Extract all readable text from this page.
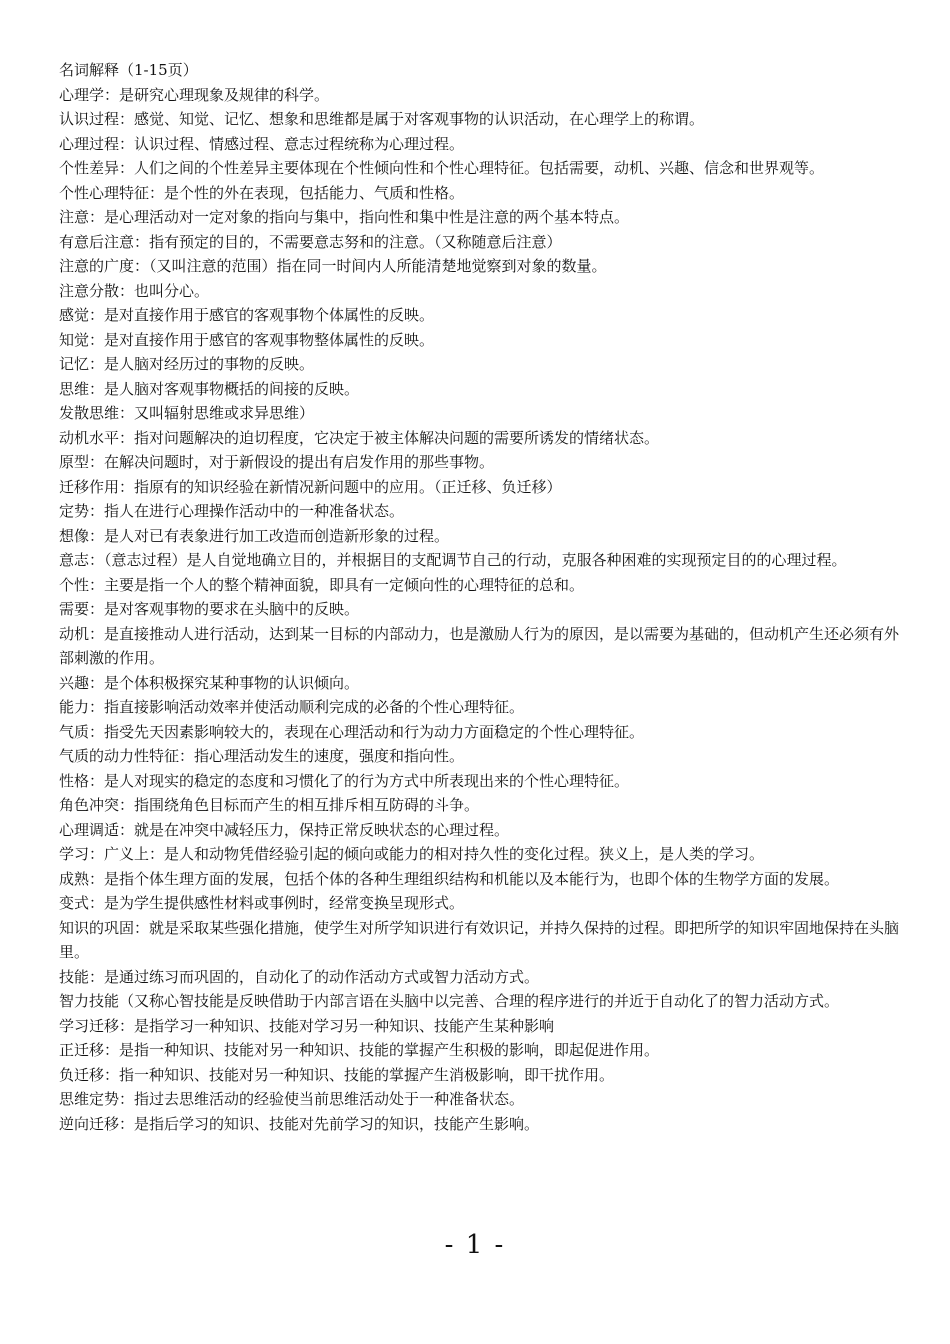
名词解释（1-15页）
心理学：是研究心理现象及规律的科学。
认识过程：感觉、知觉、记忆、想象和思维都是属于对客观事物的认识活动，在心理学上的称谓。
心理过程：认识过程、情感过程、意志过程统称为心理过程。
个性差异：人们之间的个性差异主要体现在个性倾向性和个性心理特征。包括需要，动机、兴趣、信念和世界观等。
个性心理特征：是个性的外在表现，包括能力、气质和性格。
注意：是心理活动对一定对象的指向与集中，指向性和集中性是注意的两个基本特点。
有意后注意：指有预定的目的，不需要意志努和的注意。（又称随意后注意）
注意的广度：（又叫注意的范围）指在同一时间内人所能清楚地觉察到对象的数量。
注意分散：也叫分心。
感觉：是对直接作用于感官的客观事物个体属性的反映。
知觉：是对直接作用于感官的客观事物整体属性的反映。
记忆：是人脑对经历过的事物的反映。
思维：是人脑对客观事物概括的间接的反映。
发散思维：又叫辐射思维或求异思维）
动机水平：指对问题解决的迫切程度，它决定于被主体解决问题的需要所诱发的情绪状态。
原型：在解决问题时，对于新假设的提出有启发作用的那些事物。
迁移作用：指原有的知识经验在新情况新问题中的应用。（正迁移、负迁移）
定势：指人在进行心理操作活动中的一种准备状态。
想像：是人对已有表象进行加工改造而创造新形象的过程。
意志：（意志过程）是人自觉地确立目的，并根据目的支配调节自己的行动，克服各种困难的实现预定目的的心理过程。
个性：主要是指一个人的整个精神面貌，即具有一定倾向性的心理特征的总和。
需要：是对客观事物的要求在头脑中的反映。
动机：是直接推动人进行活动，达到某一目标的内部动力，也是激励人行为的原因，是以需要为基础的，但动机产生还必须有外部刺激的作用。
兴趣：是个体积极探究某种事物的认识倾向。
能力：指直接影响活动效率并使活动顺利完成的必备的个性心理特征。
气质：指受先天因素影响较大的，表现在心理活动和行为动力方面稳定的个性心理特征。
气质的动力性特征：指心理活动发生的速度，强度和指向性。
性格：是人对现实的稳定的态度和习惯化了的行为方式中所表现出来的个性心理特征。
角色冲突：指围绕角色目标而产生的相互排斥相互防碍的斗争。
心理调适：就是在冲突中减轻压力，保持正常反映状态的心理过程。
学习：广义上：是人和动物凭借经验引起的倾向或能力的相对持久性的变化过程。狭义上，是人类的学习。
成熟：是指个体生理方面的发展，包括个体的各种生理组织结构和机能以及本能行为，也即个体的生物学方面的发展。
变式：是为学生提供感性材料或事例时，经常变换呈现形式。
知识的巩固：就是采取某些强化措施，使学生对所学知识进行有效识记，并持久保持的过程。即把所学的知识牢固地保持在头脑里。
技能：是通过练习而巩固的，自动化了的动作活动方式或智力活动方式。
智力技能（又称心智技能是反映借助于内部言语在头脑中以完善、合理的程序进行的并近于自动化了的智力活动方式。
学习迁移：是指学习一种知识、技能对学习另一种知识、技能产生某种影响
正迁移：是指一种知识、技能对另一种知识、技能的掌握产生积极的影响，即起促进作用。
负迁移：指一种知识、技能对另一种知识、技能的掌握产生消极影响，即干扰作用。
思维定势：指过去思维活动的经验使当前思维活动处于一种准备状态。
逆向迁移：是指后学习的知识、技能对先前学习的知识，技能产生影响。
- 1 -
